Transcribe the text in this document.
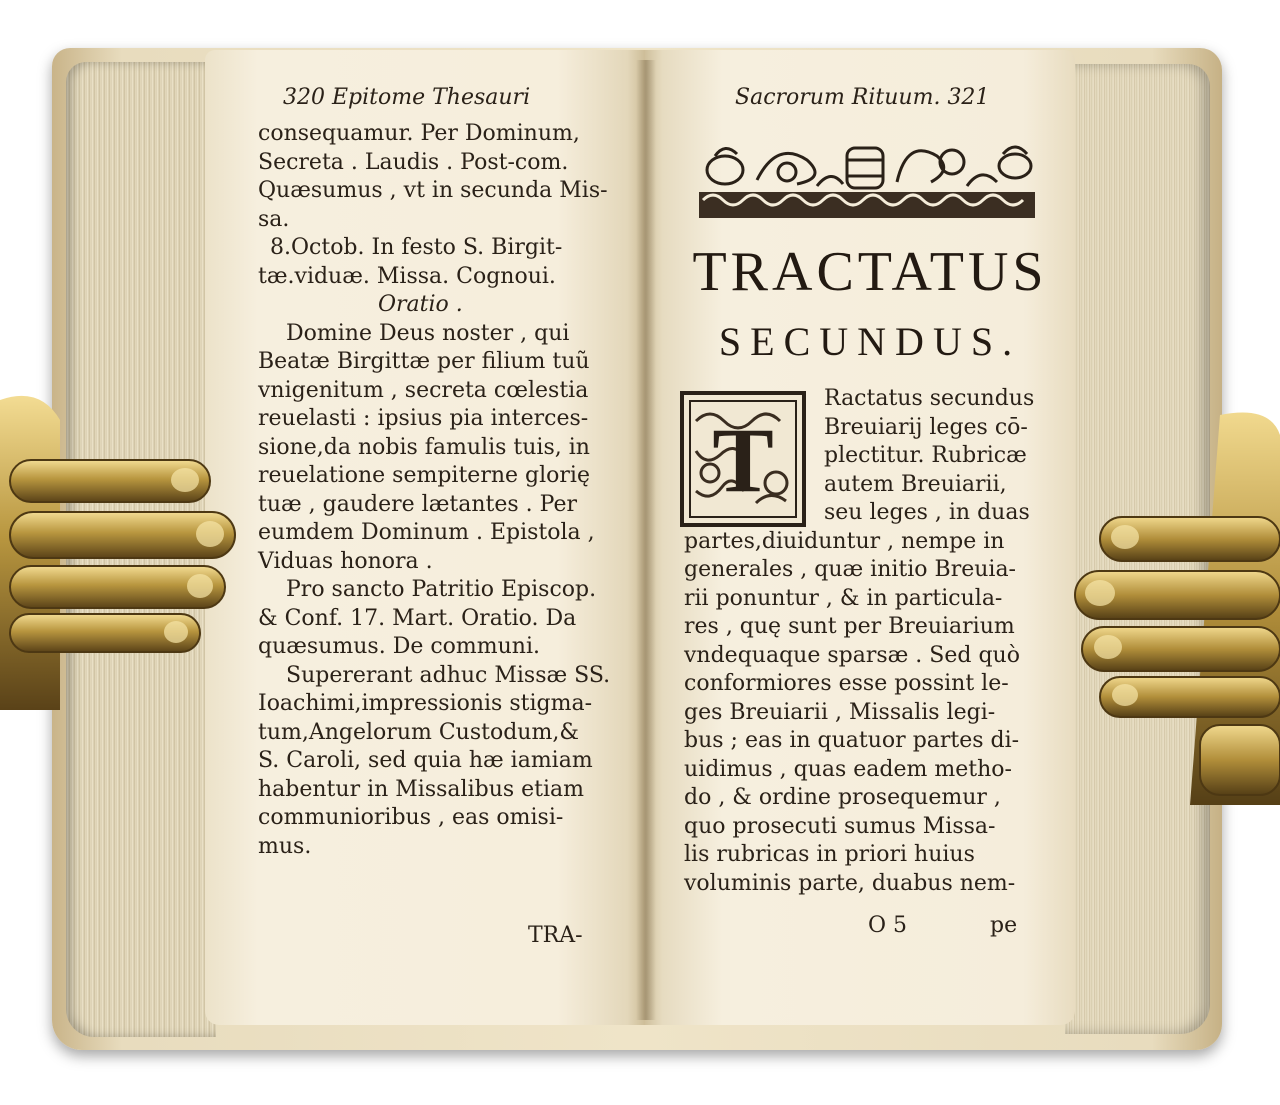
320 Epitome Thesauri
consequamur. Per Dominum,
Secreta . Laudis . Post-com.
Quæsumus , vt in secunda Mis-
sa.
8.Octob. In festo S. Birgit-
tæ.viduæ. Missa. Cognoui.
Oratio .
Domine Deus noster , qui
Beatæ Birgittæ per filium tuũ
vnigenitum , secreta cœlestia
reuelasti : ipsius pia interces-
sione,da nobis famulis tuis, in
reuelatione sempiterne glorię
tuæ , gaudere lætantes . Per
eumdem Dominum . Epistola ,
Viduas honora .
Pro sancto Patritio Episcop.
& Conf. 17. Mart. Oratio. Da
quæsumus. De communi.
Supererant adhuc Missæ SS.
Ioachimi,impressionis stigma-
tum,Angelorum Custodum,&
S. Caroli, sed quia hæ iamiam
habentur in Missalibus etiam
communioribus , eas omisi-
mus.
TRA-
Sacrorum Rituum. 321
TRACTATUS
SECUNDUS.
T
Ractatus secundus
Breuiarij leges cō-
plectitur. Rubricæ
autem Breuiarii,
seu leges , in duas
partes,diuiduntur , nempe in
generales , quæ initio Breuia-
rii ponuntur , & in particula-
res , quę sunt per Breuiarium
vndequaque sparsæ . Sed quò
conformiores esse possint le-
ges Breuiarii , Missalis legi-
bus ; eas in quatuor partes di-
uidimus , quas eadem metho-
do , & ordine prosequemur ,
quo prosecuti sumus Missa-
lis rubricas in priori huius
voluminis parte, duabus nem-
O 5	pe
